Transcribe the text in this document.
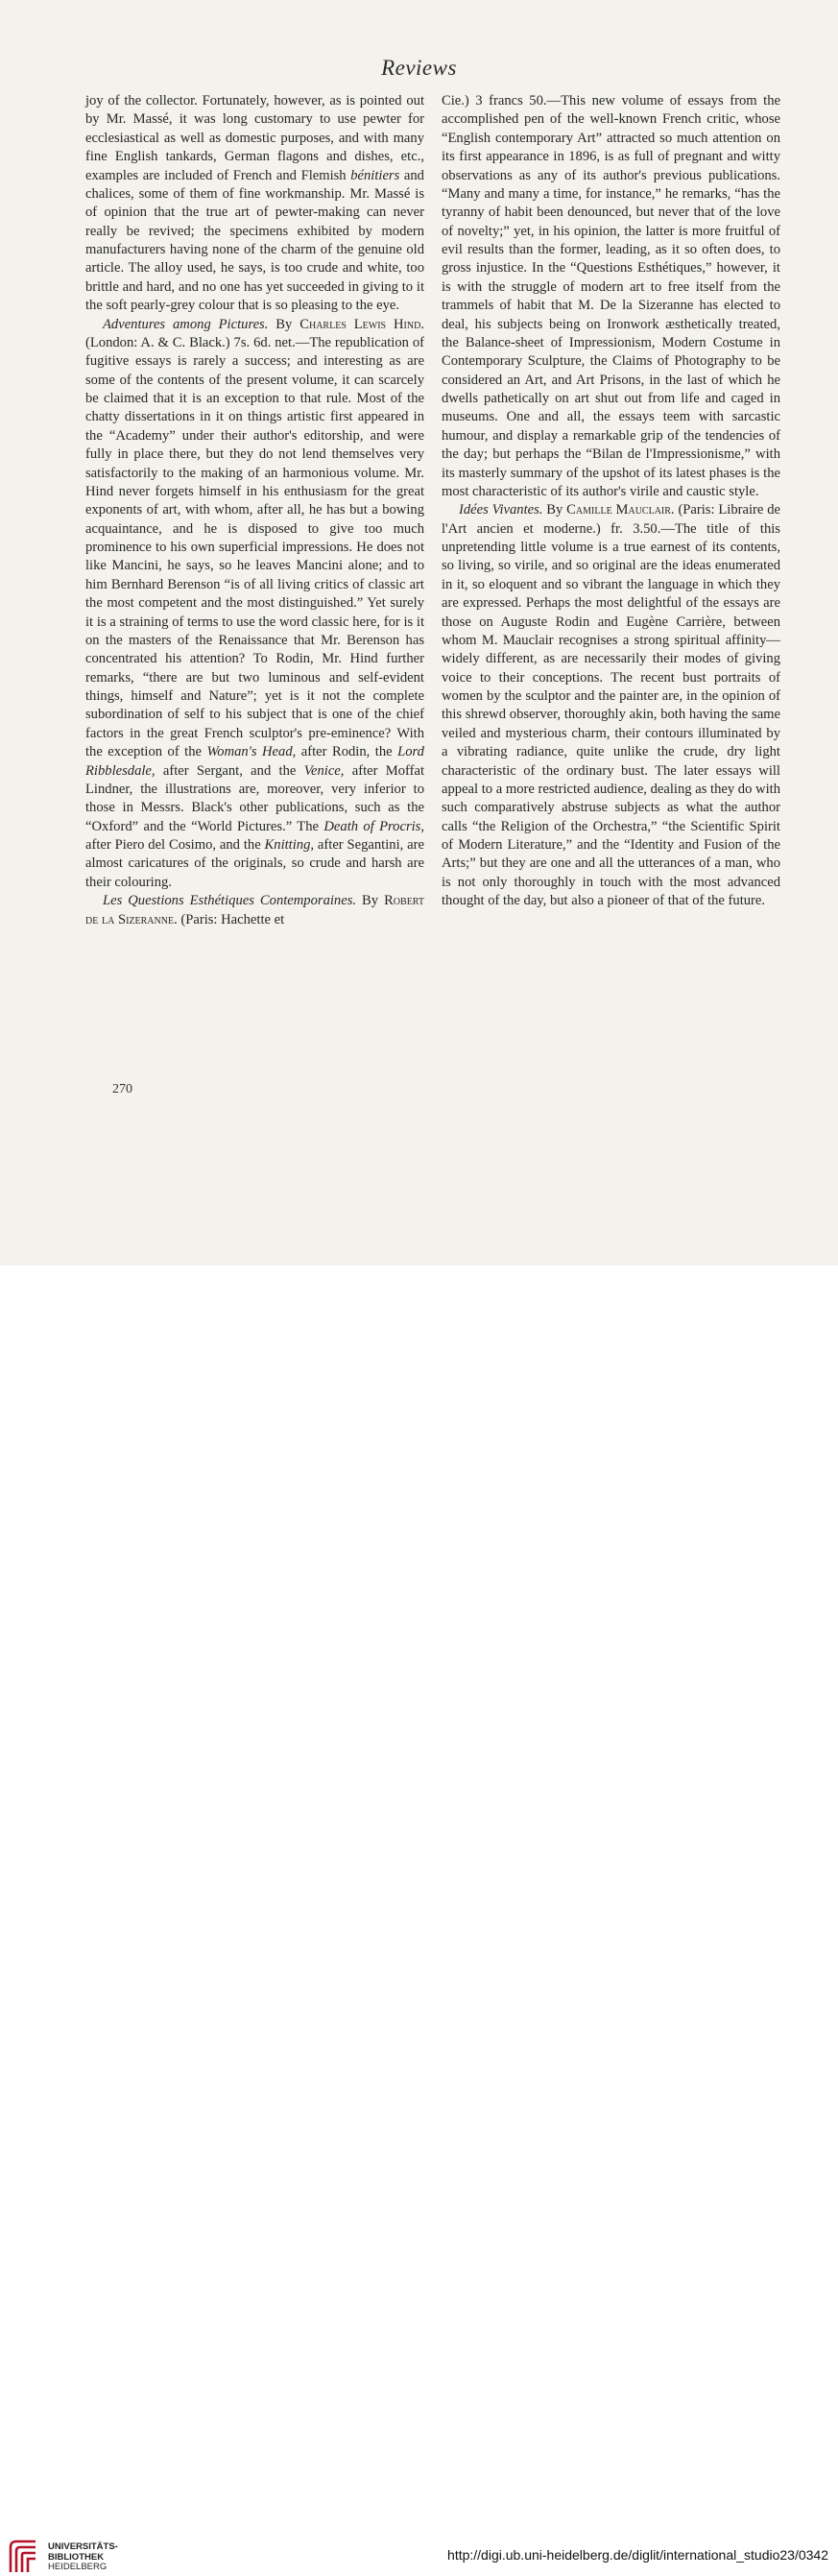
Reviews

joy of the collector. Fortunately, however, as is pointed out by Mr. Massé, it was long customary to use pewter for ecclesiastical as well as domestic purposes, and with many fine English tankards, German flagons and dishes, etc., examples are included of French and Flemish bénitiers and chalices, some of them of fine workmanship. Mr. Massé is of opinion that the true art of pewter-making can never really be revived; the specimens exhibited by modern manufacturers having none of the charm of the genuine old article. The alloy used, he says, is too crude and white, too brittle and hard, and no one has yet succeeded in giving to it the soft pearly-grey colour that is so pleasing to the eye.

Adventures among Pictures. By Charles Lewis Hind. (London: A. & C. Black.) 7s. 6d. net.—The republication of fugitive essays is rarely a success; and interesting as are some of the contents of the present volume, it can scarcely be claimed that it is an exception to that rule. Most of the chatty dissertations in it on things artistic first appeared in the “Academy” under their author's editorship, and were fully in place there, but they do not lend themselves very satisfactorily to the making of an harmonious volume. Mr. Hind never forgets himself in his enthusiasm for the great exponents of art, with whom, after all, he has but a bowing acquaintance, and he is disposed to give too much prominence to his own superficial impressions. He does not like Mancini, he says, so he leaves Mancini alone; and to him Bernhard Berenson “is of all living critics of classic art the most competent and the most distinguished.” Yet surely it is a straining of terms to use the word classic here, for is it on the masters of the Renaissance that Mr. Berenson has concentrated his attention? To Rodin, Mr. Hind further remarks, “there are but two luminous and self-evident things, himself and Nature”; yet is it not the complete subordination of self to his subject that is one of the chief factors in the great French sculptor's pre-eminence? With the exception of the Woman's Head, after Rodin, the Lord Ribblesdale, after Sergant, and the Venice, after Moffat Lindner, the illustrations are, moreover, very inferior to those in Messrs. Black's other publications, such as the “Oxford” and the “World Pictures.” The Death of Procris, after Piero del Cosimo, and the Knitting, after Segantini, are almost caricatures of the originals, so crude and harsh are their colouring.

Les Questions Esthétiques Contemporaines. By Robert de la Sizeranne. (Paris: Hachette et

Cie.) 3 francs 50.—This new volume of essays from the accomplished pen of the well-known French critic, whose “English contemporary Art” attracted so much attention on its first appearance in 1896, is as full of pregnant and witty observations as any of its author's previous publications. “Many and many a time, for instance,” he remarks, “has the tyranny of habit been denounced, but never that of the love of novelty;” yet, in his opinion, the latter is more fruitful of evil results than the former, leading, as it so often does, to gross injustice. In the “Questions Esthétiques,” however, it is with the struggle of modern art to free itself from the trammels of habit that M. De la Sizeranne has elected to deal, his subjects being on Ironwork æsthetically treated, the Balance-sheet of Impressionism, Modern Costume in Contemporary Sculpture, the Claims of Photography to be considered an Art, and Art Prisons, in the last of which he dwells pathetically on art shut out from life and caged in museums. One and all, the essays teem with sarcastic humour, and display a remarkable grip of the tendencies of the day; but perhaps the “Bilan de l'Impressionisme,” with its masterly summary of the upshot of its latest phases is the most characteristic of its author's virile and caustic style.

Idées Vivantes. By Camille Mauclair. (Paris: Libraire de l'Art ancien et moderne.) fr. 3.50.—The title of this unpretending little volume is a true earnest of its contents, so living, so virile, and so original are the ideas enumerated in it, so eloquent and so vibrant the language in which they are expressed. Perhaps the most delightful of the essays are those on Auguste Rodin and Eugène Carrière, between whom M. Mauclair recognises a strong spiritual affinity—widely different, as are necessarily their modes of giving voice to their conceptions. The recent bust portraits of women by the sculptor and the painter are, in the opinion of this shrewd observer, thoroughly akin, both having the same veiled and mysterious charm, their contours illuminated by a vibrating radiance, quite unlike the crude, dry light characteristic of the ordinary bust. The later essays will appeal to a more restricted audience, dealing as they do with such comparatively abstruse subjects as what the author calls “the Religion of the Orchestra,” “the Scientific Spirit of Modern Literature,” and the “Identity and Fusion of the Arts;” but they are one and all the utterances of a man, who is not only thoroughly in touch with the most advanced thought of the day, but also a pioneer of that of the future.

270
UNIVERSITÄTS-
BIBLIOTHEK
HEIDELBERG
http://digi.ub.uni-heidelberg.de/diglit/international_studio23/0342
